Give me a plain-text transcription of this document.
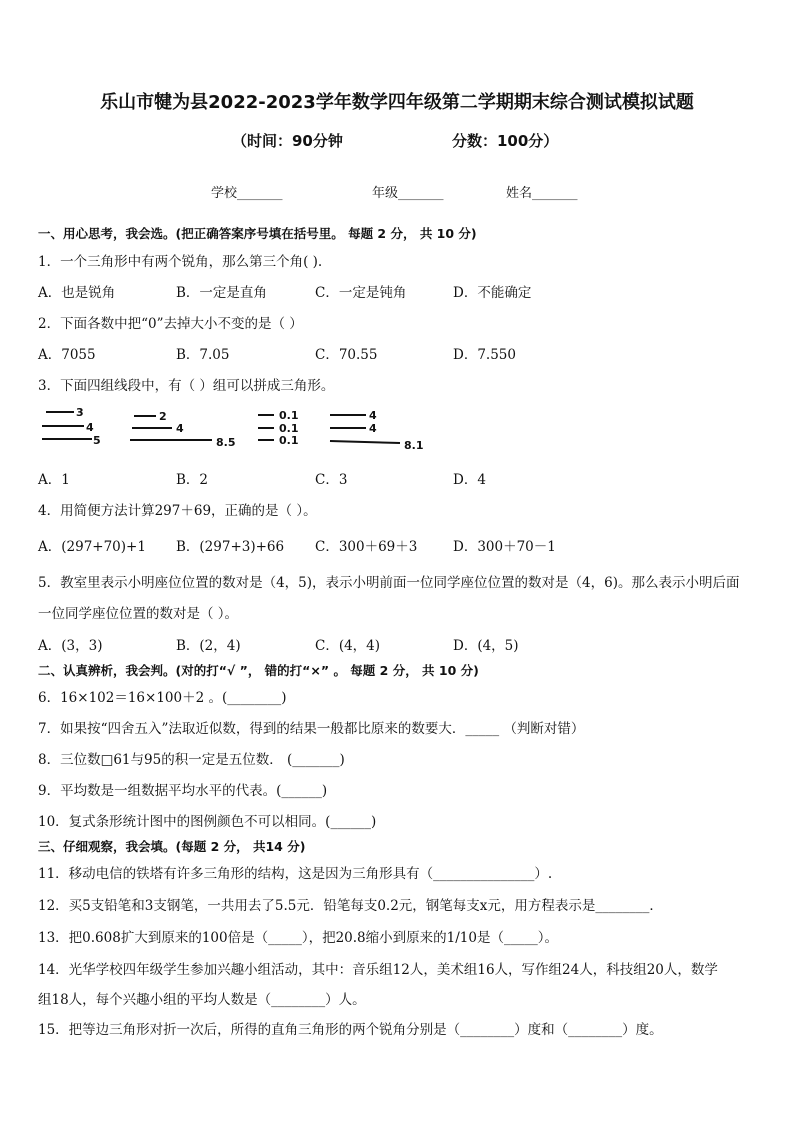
乐山市犍为县2022-2023学年数学四年级第二学期期末综合测试模拟试题
（时间：90分钟	分数：100分）
学校_______	年级_______	姓名_______
一、用心思考，我会选。(把正确答案序号填在括号里。 每题 2 分， 共 10 分)
1．一个三角形中有两个锐角，那么第三个角( ).
A．也是锐角	B．一定是直角	C．一定是钝角	D．不能确定
2．下面各数中把“0”去掉大小不变的是（ ）
A．7055	B．7.05	C．70.55	D．7.550
3．下面四组线段中，有（ ）组可以拼成三角形。
3
4
5
2
4
8.5
0.1
0.1
0.1
4
4
8.1
A．1	B．2	C．3	D．4
4．用简便方法计算297＋69，正确的是（ ）。
A．(297+70)+1 B．(297+3)+66 C．300＋69＋3	D．300＋70－1
5．教室里表示小明座位位置的数对是（4，5)，表示小明前面一位同学座位位置的数对是（4，6)。那么表示小明后面
一位同学座位位置的数对是（ ）。
A．(3，3)	B．(2，4)	C．(4，4)	D．(4，5)
二、认真辨析，我会判。(对的打“√ ”， 错的打“×” 。 每题 2 分， 共 10 分)
6．16×102＝16×100＋2 。(________)
7．如果按“四舍五入”法取近似数，得到的结果一般都比原来的数要大．_____ （判断对错）
8．三位数□61与95的积一定是五位数． (_______)
9．平均数是一组数据平均水平的代表。(______)
10．复式条形统计图中的图例颜色不可以相同。(______)
三、仔细观察，我会填。(每题 2 分， 共14 分)
11．移动电信的铁塔有许多三角形的结构，这是因为三角形具有（_______________）.
12．买5支铅笔和3支钢笔，一共用去了5.5元．铅笔每支0.2元，钢笔每支x元，用方程表示是________．
13．把0.608扩大到原来的100倍是（_____），把20.8缩小到原来的1/10是（_____）。
14．光华学校四年级学生参加兴趣小组活动，其中：音乐组12人，美术组16人，写作组24人，科技组20人，数学
组18人，每个兴趣小组的平均人数是（________）人。
15．把等边三角形对折一次后，所得的直角三角形的两个锐角分别是（________）度和（________）度。
